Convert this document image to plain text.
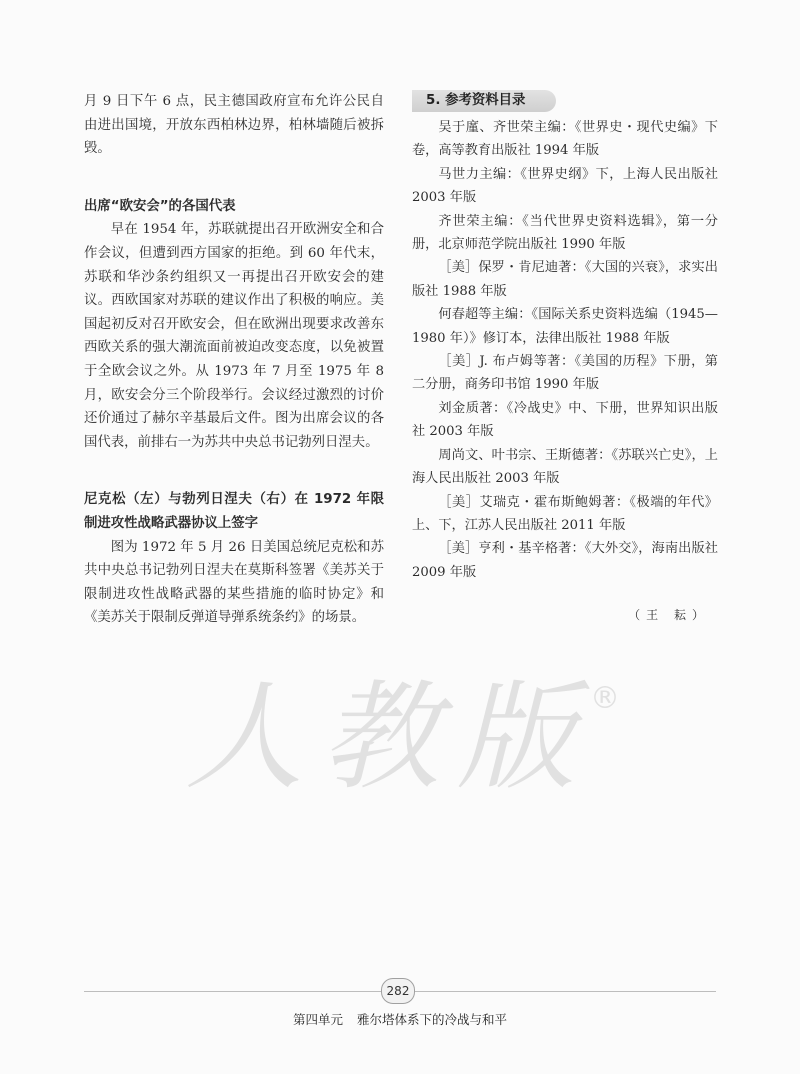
月 9 日下午 6 点，民主德国政府宣布允许公民自由进出国境，开放东西柏林边界，柏林墙随后被拆毁。

出席“欧安会”的各国代表

早在 1954 年，苏联就提出召开欧洲安全和合作会议，但遭到西方国家的拒绝。到 60 年代末，苏联和华沙条约组织又一再提出召开欧安会的建议。西欧国家对苏联的建议作出了积极的响应。美国起初反对召开欧安会，但在欧洲出现要求改善东西欧关系的强大潮流面前被迫改变态度，以免被置于全欧会议之外。从 1973 年 7 月至 1975 年 8 月，欧安会分三个阶段举行。会议经过激烈的讨价还价通过了赫尔辛基最后文件。图为出席会议的各国代表，前排右一为苏共中央总书记勃列日涅夫。

尼克松（左）与勃列日涅夫（右）在 1972 年限制进攻性战略武器协议上签字

图为 1972 年 5 月 26 日美国总统尼克松和苏共中央总书记勃列日涅夫在莫斯科签署《美苏关于限制进攻性战略武器的某些措施的临时协定》和《美苏关于限制反弹道导弹系统条约》的场景。

5. 参考资料目录

吴于廑、齐世荣主编：《世界史・现代史编》下卷，高等教育出版社 1994 年版

马世力主编：《世界史纲》下，上海人民出版社 2003 年版

齐世荣主编：《当代世界史资料选辑》，第一分册，北京师范学院出版社 1990 年版

［美］保罗・肯尼迪著：《大国的兴衰》，求实出版社 1988 年版

何春超等主编：《国际关系史资料选编（1945—1980 年）》修订本，法律出版社 1988 年版

［美］J. 布卢姆等著：《美国的历程》下册，第二分册，商务印书馆 1990 年版

刘金质著：《冷战史》中、下册，世界知识出版社 2003 年版

周尚文、叶书宗、王斯德著：《苏联兴亡史》，上海人民出版社 2003 年版

［美］艾瑞克・霍布斯鲍姆著：《极端的年代》上、下，江苏人民出版社 2011 年版

［美］亨利・基辛格著：《大外交》，海南出版社 2009 年版

（王 耘）

人教版
®
282
第四单元 雅尔塔体系下的冷战与和平
